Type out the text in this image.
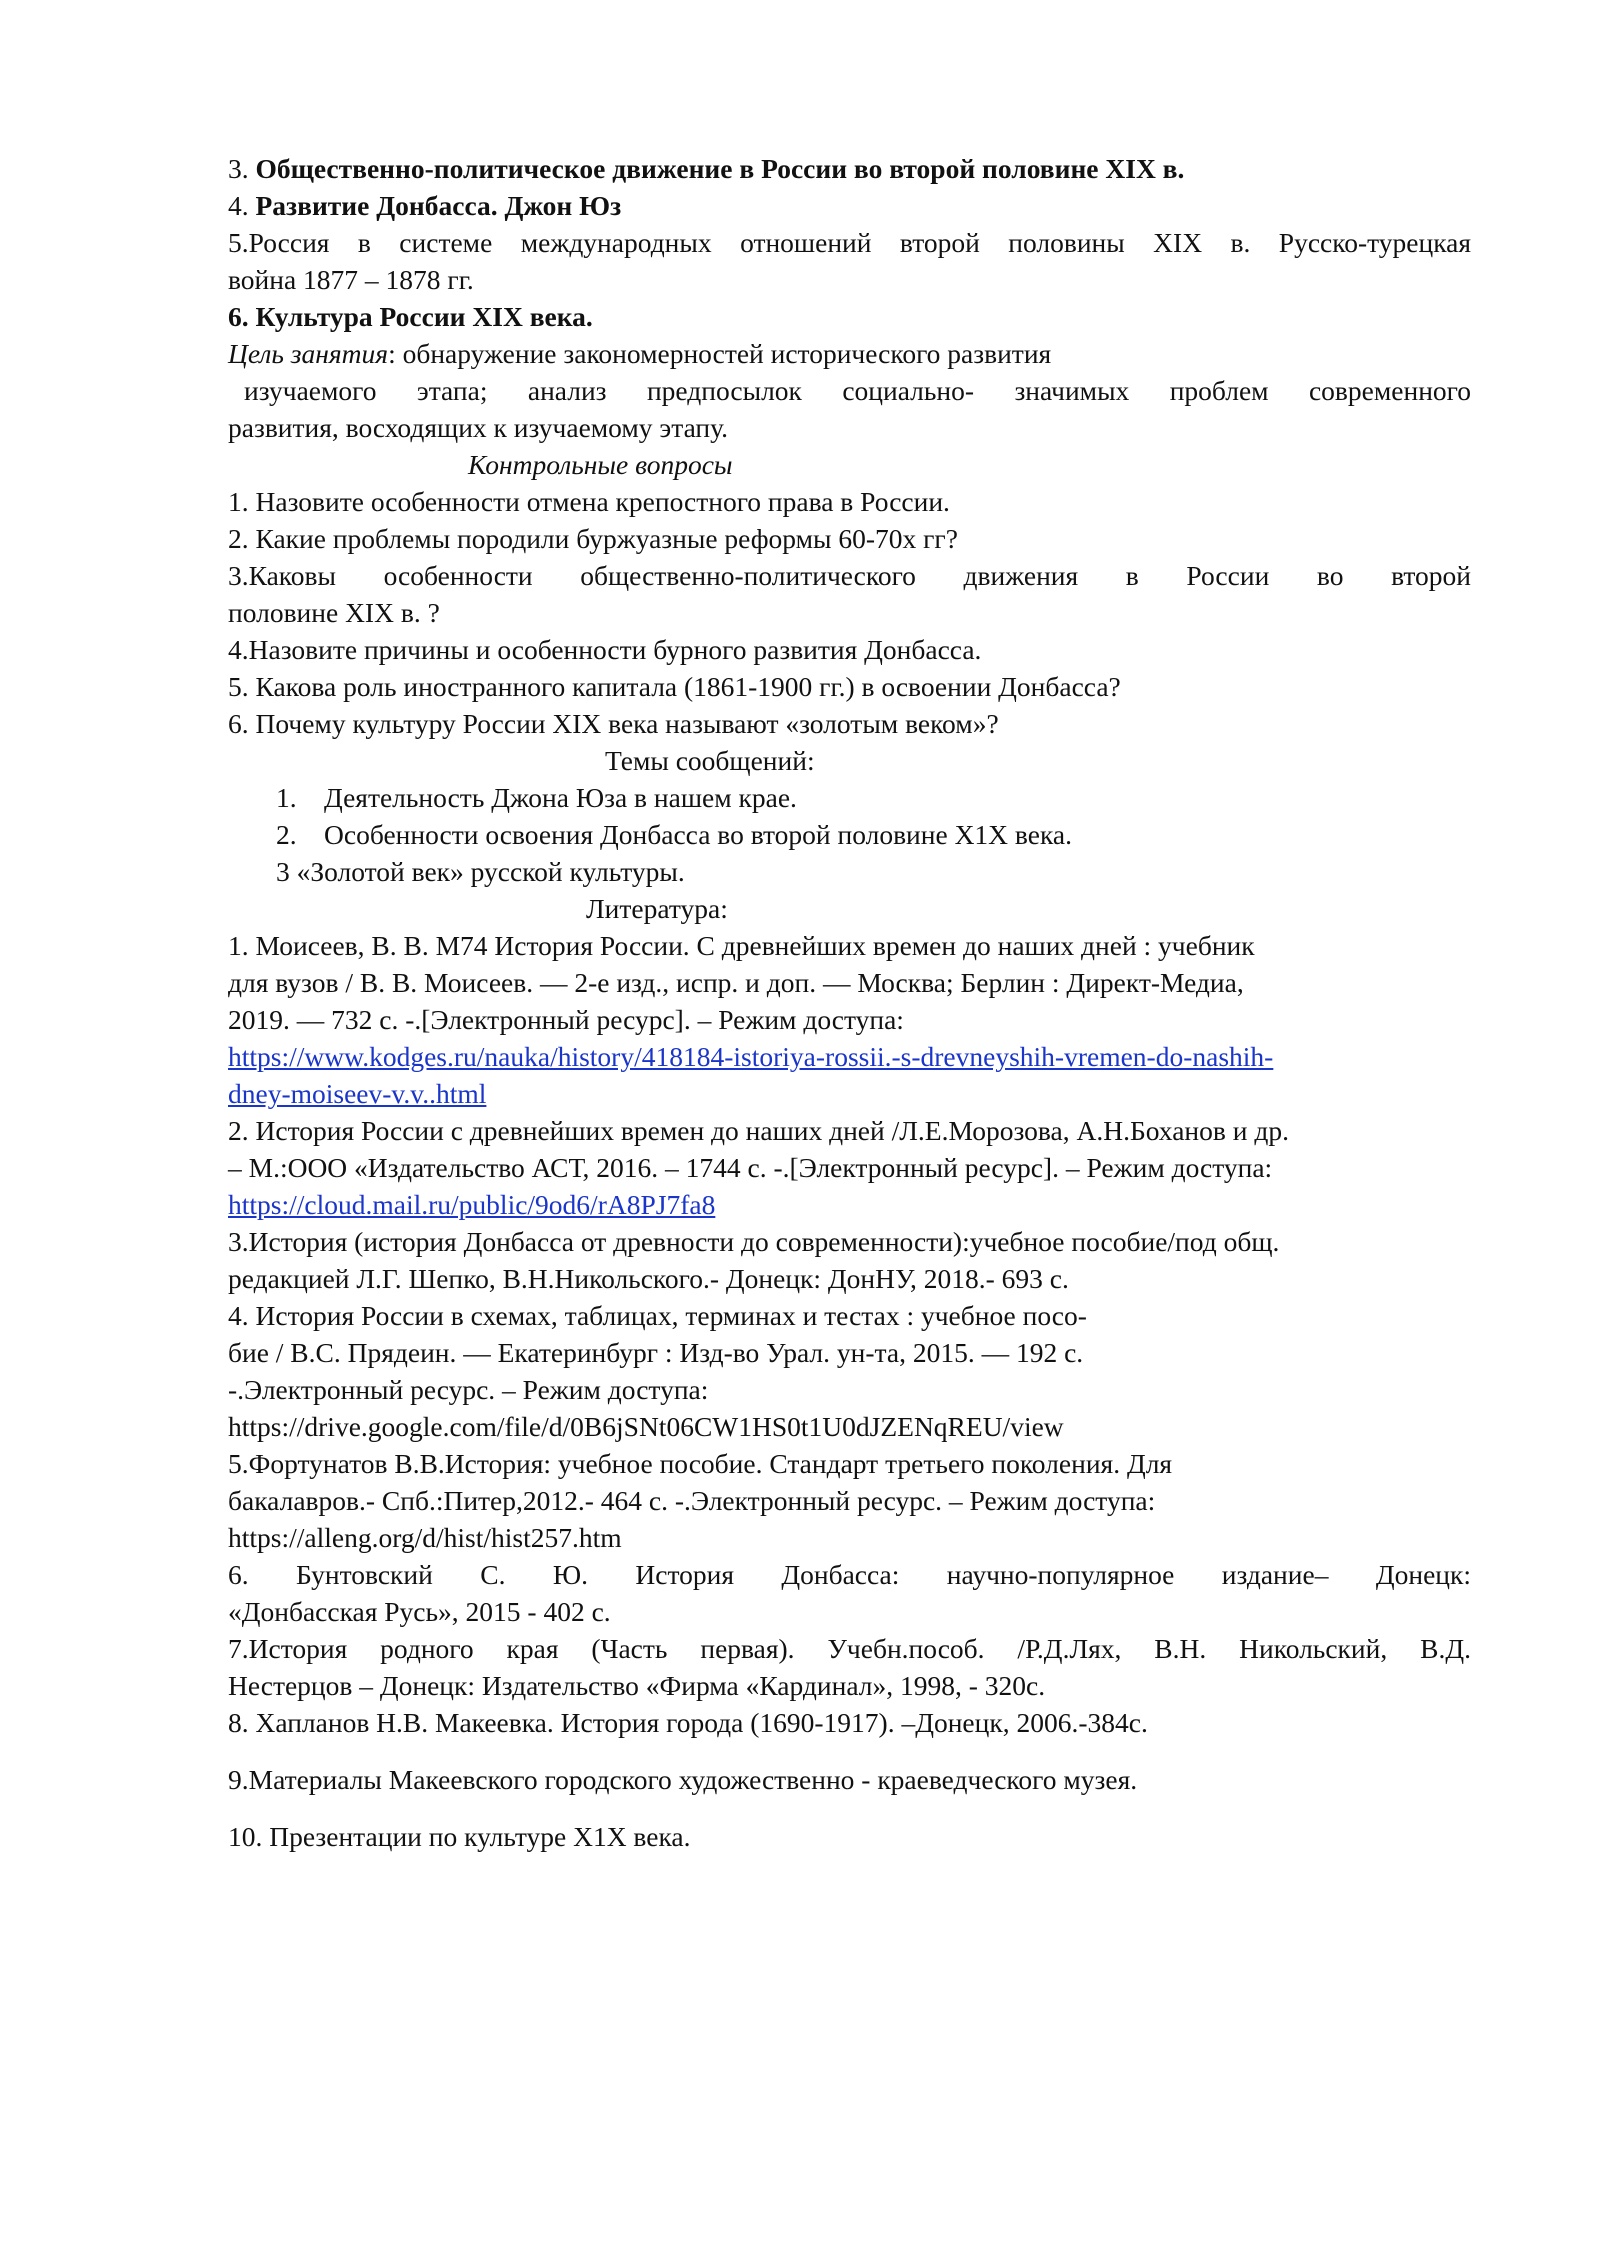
3. Общественно-политическое движение в России во второй половине XIX в.
4. Развитие Донбасса. Джон Юз
5.Россия в системе международных отношений второй половины XIX в. Русско-турецкая
война 1877 – 1878 гг.
6. Культура России XIX века.
Цель занятия: обнаружение закономерностей исторического развития
изучаемого этапа; анализ предпосылок социально- значимых проблем современного
развития, восходящих к изучаемому этапу.
Контрольные вопросы
1. Назовите особенности отмена крепостного права в России.
2. Какие проблемы породили буржуазные реформы 60-70х гг?
3.Каковы особенности общественно-политического движения в России во второй
половине XIX в. ?
4.Назовите причины и особенности бурного развития Донбасса.
5. Какова роль иностранного капитала (1861-1900 гг.) в освоении Донбасса?
6. Почему культуру России XIX века называют «золотым веком»?
Темы сообщений:
1. Деятельность Джона Юза в нашем крае.
2. Особенности освоения Донбасса во второй половине Х1Х века.
3 «Золотой век» русской культуры.
Литература:
1. Моисеев, В. В. М74 История России. С древнейших времен до наших дней : учебник
для вузов / В. В. Моисеев. — 2-е изд., испр. и доп. — Москва; Берлин : Директ-Медиа,
2019. — 732 с. -.[Электронный ресурс]. – Режим доступа:
https://www.kodges.ru/nauka/history/418184-istoriya-rossii.-s-drevneyshih-vremen-do-nashih-
dney-moiseev-v.v..html
2. История России с древнейших времен до наших дней /Л.Е.Морозова, А.Н.Боханов и др.
– М.:ООО «Издательство АСТ, 2016. – 1744 с. -.[Электронный ресурс]. – Режим доступа:
https://cloud.mail.ru/public/9od6/rA8PJ7fa8
3.История (история Донбасса от древности до современности):учебное пособие/под общ.
редакцией Л.Г. Шепко, В.Н.Никольского.- Донецк: ДонНУ, 2018.- 693 с.
4. История России в схемах, таблицах, терминах и тестах : учебное посо-
бие / В.С. Прядеин. — Екатеринбург : Изд-во Урал. ун-та, 2015. — 192 с.
-.Электронный ресурс. – Режим доступа:
https://drive.google.com/file/d/0B6jSNt06CW1HS0t1U0dJZENqREU/view
5.Фортунатов В.В.История: учебное пособие. Стандарт третьего поколения. Для
бакалавров.- Спб.:Питер,2012.- 464 с. -.Электронный ресурс. – Режим доступа:
https://alleng.org/d/hist/hist257.htm
6. Бунтовский С. Ю. История Донбасса: научно-популярное издание– Донецк:
«Донбасская Русь», 2015 - 402 с.
7.История родного края (Часть первая). Учебн.пособ. /Р.Д.Лях, В.Н. Никольский, В.Д.
Нестерцов – Донецк: Издательство «Фирма «Кардинал», 1998, - 320с.
8. Хапланов Н.В. Макеевка. История города (1690-1917). –Донецк, 2006.-384с.
9.Материалы Макеевского городского художественно - краеведческого музея.
10. Презентации по культуре Х1Х века.
